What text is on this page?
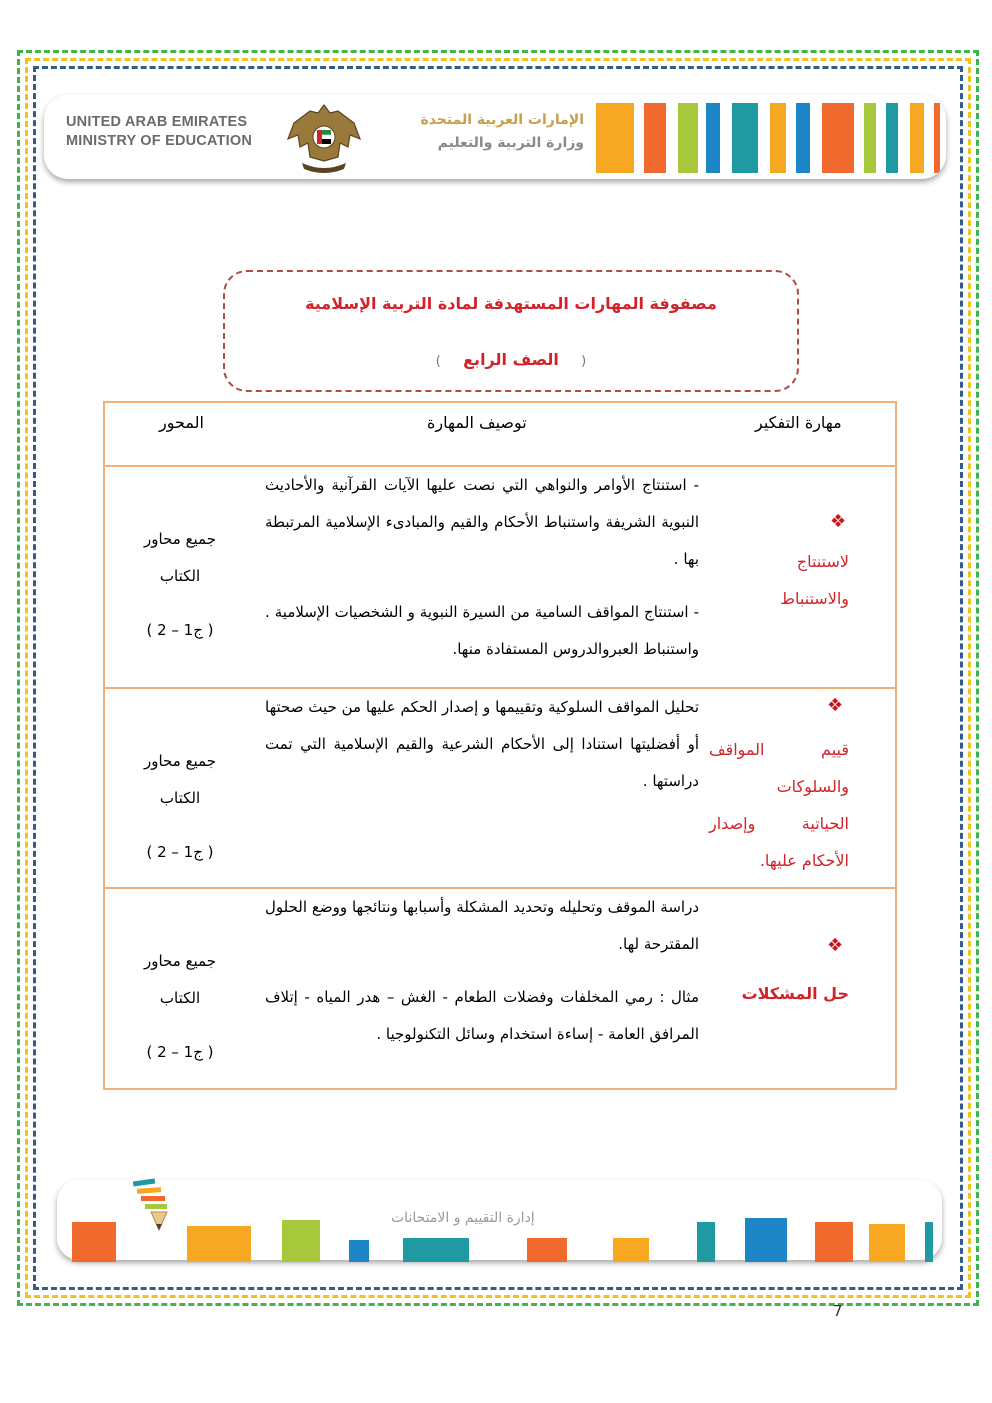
UNITED ARAB EMIRATES
MINISTRY OF EDUCATION
الإمارات العربية المتحدة
وزارة التربية والتعليم
مصفوفة المهارات المستهدفة لمادة التربية الإسلامية
(    الصف الرابع    )
المحور	توصيف المهارة	مهارة التفكير
❖
لاستنتاج
والاستنباط

- استنتاج الأوامر والنواهي التي نصت عليها الآيات القرآنية والأحاديث النبوية الشريفة واستنباط الأحكام والقيم والمبادىء الإسلامية المرتبطة بها .

- استنتاج المواقف السامية من السيرة النبوية و الشخصيات الإسلامية . واستنباط العبروالدروس المستفادة منها.

جميع محاور
الكتاب
( ج1 – 2 )
❖
قييم المواقف
والسلوكات
الحياتية وإصدار
الأحكام عليها.

تحليل المواقف السلوكية وتقييمها و إصدار الحكم عليها من حيث صحتها أو أفضليتها استنادا إلى الأحكام الشرعية والقيم الإسلامية التي تمت دراستها .

جميع محاور
الكتاب
( ج1 – 2 )
❖
حل المشكلات

دراسة الموقف وتحليله وتحديد المشكلة وأسبابها ونتائجها ووضع الحلول المقترحة لها.

مثال : رمي المخلفات وفضلات الطعام - الغش – هدر المياه - إتلاف المرافق العامة - إساءة استخدام وسائل التكنولوجيا .

جميع محاور
الكتاب
( ج1 – 2 )
إدارة التقييم و الامتحانات
7
